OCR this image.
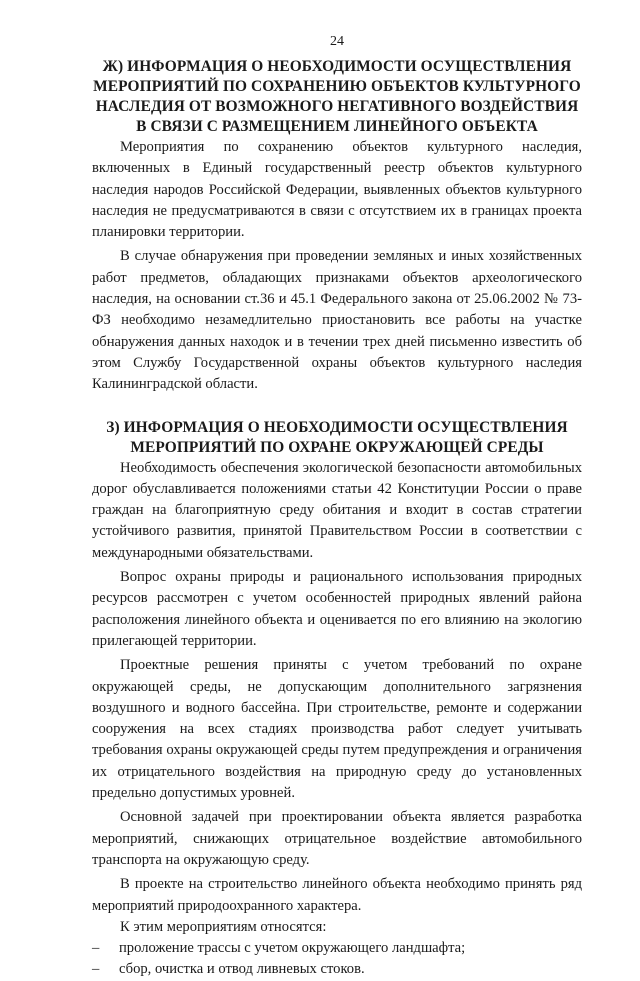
24
Ж) ИНФОРМАЦИЯ О НЕОБХОДИМОСТИ ОСУЩЕСТВЛЕНИЯ МЕРОПРИЯТИЙ ПО СОХРАНЕНИЮ ОБЪЕКТОВ КУЛЬТУРНОГО НАСЛЕДИЯ ОТ ВОЗМОЖНОГО НЕГАТИВНОГО ВОЗДЕЙСТВИЯ В СВЯЗИ С РАЗМЕЩЕНИЕМ ЛИНЕЙНОГО ОБЪЕКТА

Мероприятия по сохранению объектов культурного наследия, включенных в Единый государственный реестр объектов культурного наследия народов Российской Федерации, выявленных объектов культурного наследия не предусматриваются в связи с отсутствием их в границах проекта планировки территории.

В случае обнаружения при проведении земляных и иных хозяйственных работ предметов, обладающих признаками объектов археологического наследия, на основании ст.36 и 45.1 Федерального закона от 25.06.2002 № 73-ФЗ необходимо незамедлительно приостановить все работы на участке обнаружения данных находок и в течении трех дней письменно известить об этом Службу Государственной охраны объектов культурного наследия Калининградской области.

З) ИНФОРМАЦИЯ О НЕОБХОДИМОСТИ ОСУЩЕСТВЛЕНИЯ МЕРОПРИЯТИЙ ПО ОХРАНЕ ОКРУЖАЮЩЕЙ СРЕДЫ

Необходимость обеспечения экологической безопасности автомобильных дорог обуславливается положениями статьи 42 Конституции России о праве граждан на благоприятную среду обитания и входит в состав стратегии устойчивого развития, принятой Правительством России в соответствии с международными обязательствами.

Вопрос охраны природы и рационального использования природных ресурсов рассмотрен с учетом особенностей природных явлений района расположения линейного объекта и оценивается по его влиянию на экологию прилегающей территории.

Проектные решения приняты с учетом требований по охране окружающей среды, не допускающим дополнительного загрязнения воздушного и водного бассейна. При строительстве, ремонте и содержании сооружения на всех стадиях производства работ следует учитывать требования охраны окружающей среды путем предупреждения и ограничения их отрицательного воздействия на природную среду до установленных предельно допустимых уровней.

Основной задачей при проектировании объекта является разработка мероприятий, снижающих отрицательное воздействие автомобильного транспорта на окружающую среду.

В проекте на строительство линейного объекта необходимо принять ряд мероприятий природоохранного характера.

К этим мероприятиям относятся:

–	проложение трассы с учетом окружающего ландшафта;
–	сбор, очистка и отвод ливневых стоков.
